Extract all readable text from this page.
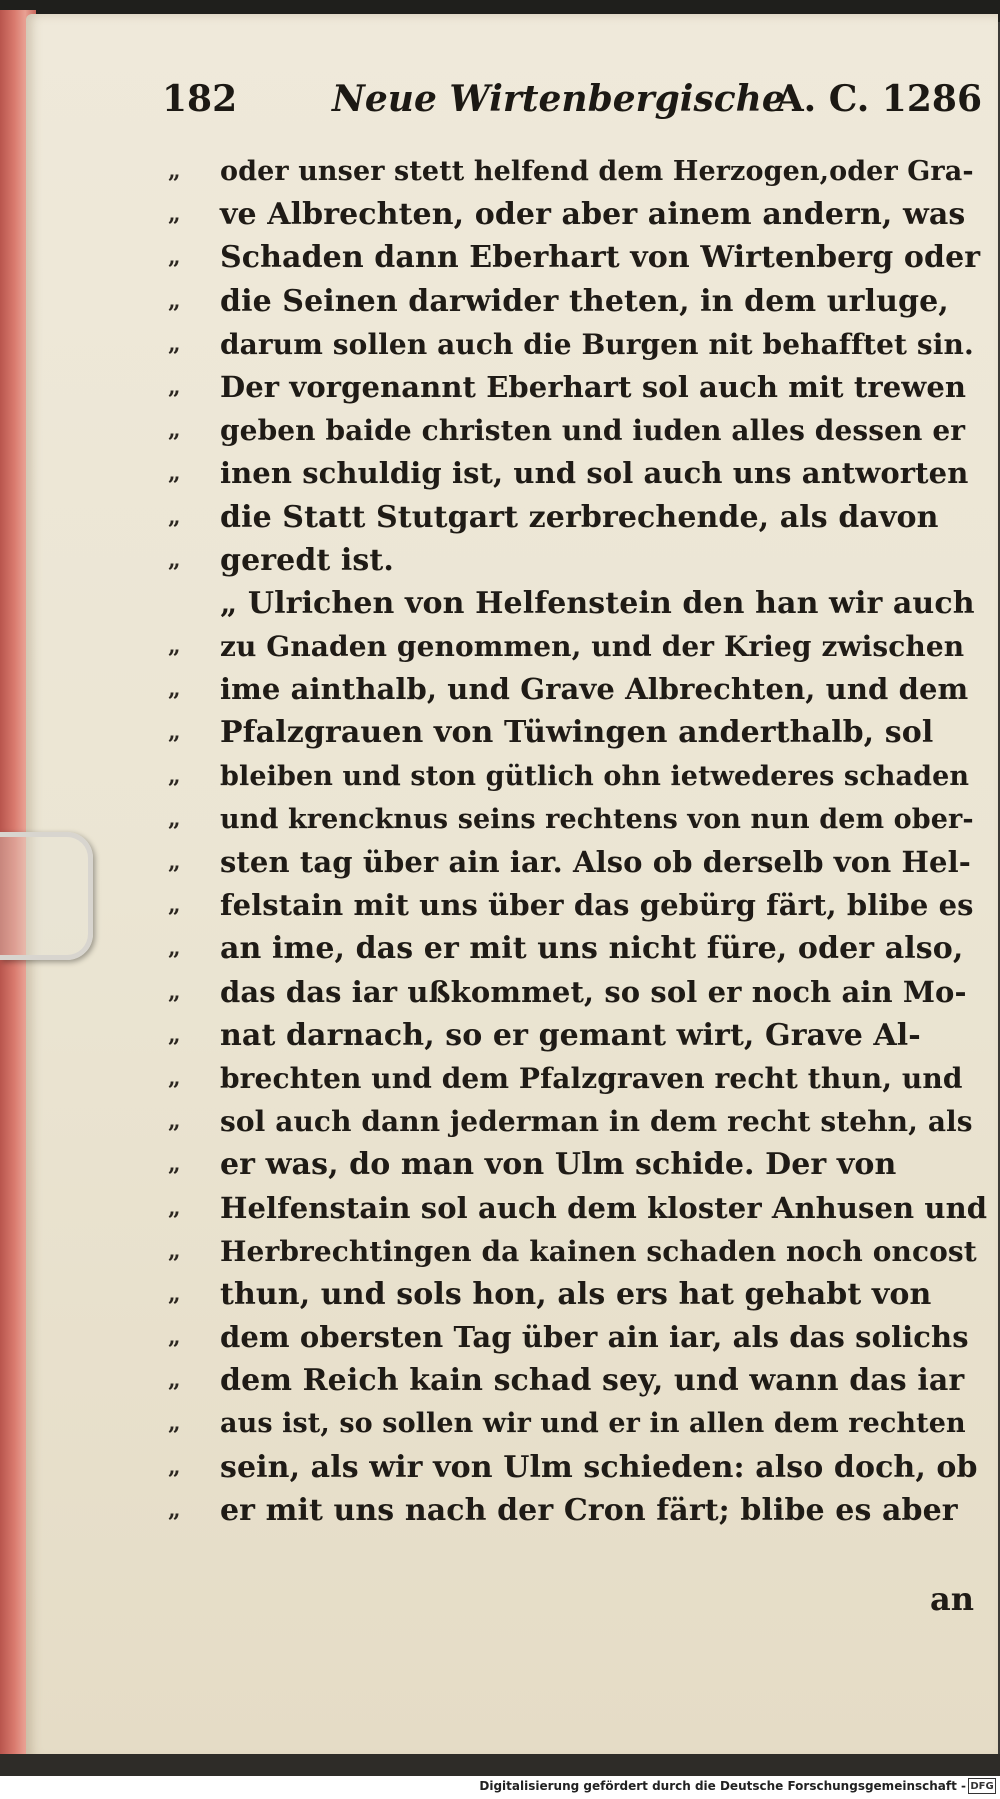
182	Neue Wirtenbergische
A. C. 1286
„	oder unser stett helfend dem Herzogen,oder Gra-
„	ve Albrechten, oder aber ainem andern, was
„	Schaden dann Eberhart von Wirtenberg oder
„	die Seinen darwider theten, in dem urluge,
„	darum sollen auch die Burgen nit behafftet sin.
„	Der vorgenannt Eberhart sol auch mit trewen
„	geben baide christen und iuden alles dessen er
„	inen schuldig ist, und sol auch uns antworten
„	die Statt Stutgart zerbrechende, als davon
„	geredt ist.
„ Ulrichen von Helfenstein den han wir auch
„	zu Gnaden genommen, und der Krieg zwischen
„	ime ainthalb, und Grave Albrechten, und dem
„	Pfalzgrauen von Tüwingen anderthalb, sol
„	bleiben und ston gütlich ohn ietwederes schaden
„	und krencknus seins rechtens von nun dem ober-
„	sten tag über ain iar. Also ob derselb von Hel-
„	felstain mit uns über das gebürg färt, blibe es
„	an ime, das er mit uns nicht füre, oder also,
„	das das iar ußkommet, so sol er noch ain Mo-
„	nat darnach, so er gemant wirt, Grave Al-
„	brechten und dem Pfalzgraven recht thun, und
„	sol auch dann jederman in dem recht stehn, als
„	er was, do man von Ulm schide. Der von
„	Helfenstain sol auch dem kloster Anhusen und
„	Herbrechtingen da kainen schaden noch oncost
„	thun, und sols hon, als ers hat gehabt von
„	dem obersten Tag über ain iar, als das solichs
„	dem Reich kain schad sey, und wann das iar
„	aus ist, so sollen wir und er in allen dem rechten
„	sein, als wir von Ulm schieden: also doch, ob
„	er mit uns nach der Cron färt; blibe es aber
an
Digitalisierung gefördert durch die Deutsche Forschungsgemeinschaft - DFG
